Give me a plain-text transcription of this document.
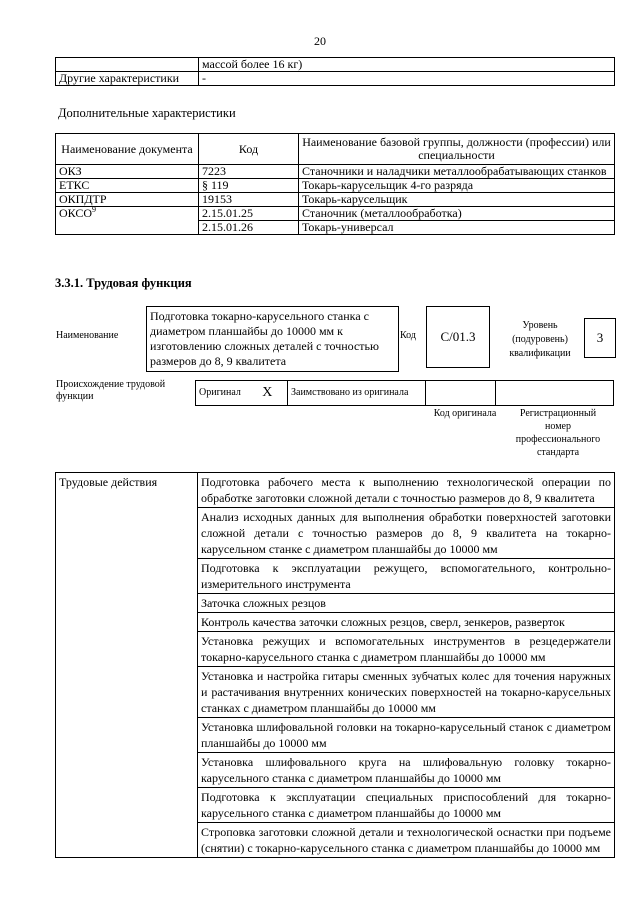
20
	массой более 16 кг)
Другие характеристики	-
Дополнительные характеристики
Наименование документа	Код	Наименование базовой группы, должности (профессии) или специальности
ОКЗ	7223	Станочники и наладчики металлообрабатывающих станков
ЕТКС	§ 119	Токарь-карусельщик 4-го разряда
ОКПДТР	19153	Токарь-карусельщик
ОКСО$^9$	2.15.01.25	Станочник (металлообработка)
	2.15.01.26	Токарь-универсал
3.3.1. Трудовая функция
Наименование
Подготовка токарно-карусельного станка с диаметром планшайбы до 10000 мм к изготовлению сложных деталей с точностью размеров до 8, 9 квалитета
Код	С/01.3
Уровень (подуровень) квалификации
3
Происхождение трудовой функции	Оригинал	X	Заимствовано из оригинала		
Код оригинала	Регистрационный номер профессионального стандарта
Трудовые действия	Подготовка рабочего места к выполнению технологической операции по обработке заготовки сложной детали с точностью размеров до 8, 9 квалитета
Анализ исходных данных для выполнения обработки поверхностей заготовки сложной детали с точностью размеров до 8, 9 квалитета на токарно-карусельном станке с диаметром планшайбы до 10000 мм
Подготовка к эксплуатации режущего, вспомогательного, контрольно-измерительного инструмента
Заточка сложных резцов
Контроль качества заточки сложных резцов, сверл, зенкеров, разверток
Установка режущих и вспомогательных инструментов в резцедержатели токарно-карусельного станка с диаметром планшайбы до 10000 мм
Установка и настройка гитары сменных зубчатых колес для точения наружных и растачивания внутренних конических поверхностей на токарно-карусельных станках с диаметром планшайбы до 10000 мм
Установка шлифовальной головки на токарно-карусельный станок с диаметром планшайбы до 10000 мм
Установка шлифовального круга на шлифовальную головку токарно-карусельного станка с диаметром планшайбы до 10000 мм
Подготовка к эксплуатации специальных приспособлений для токарно-карусельного станка с диаметром планшайбы до 10000 мм
Строповка заготовки сложной детали и технологической оснастки при подъеме (снятии) с токарно-карусельного станка с диаметром планшайбы до 10000 мм
